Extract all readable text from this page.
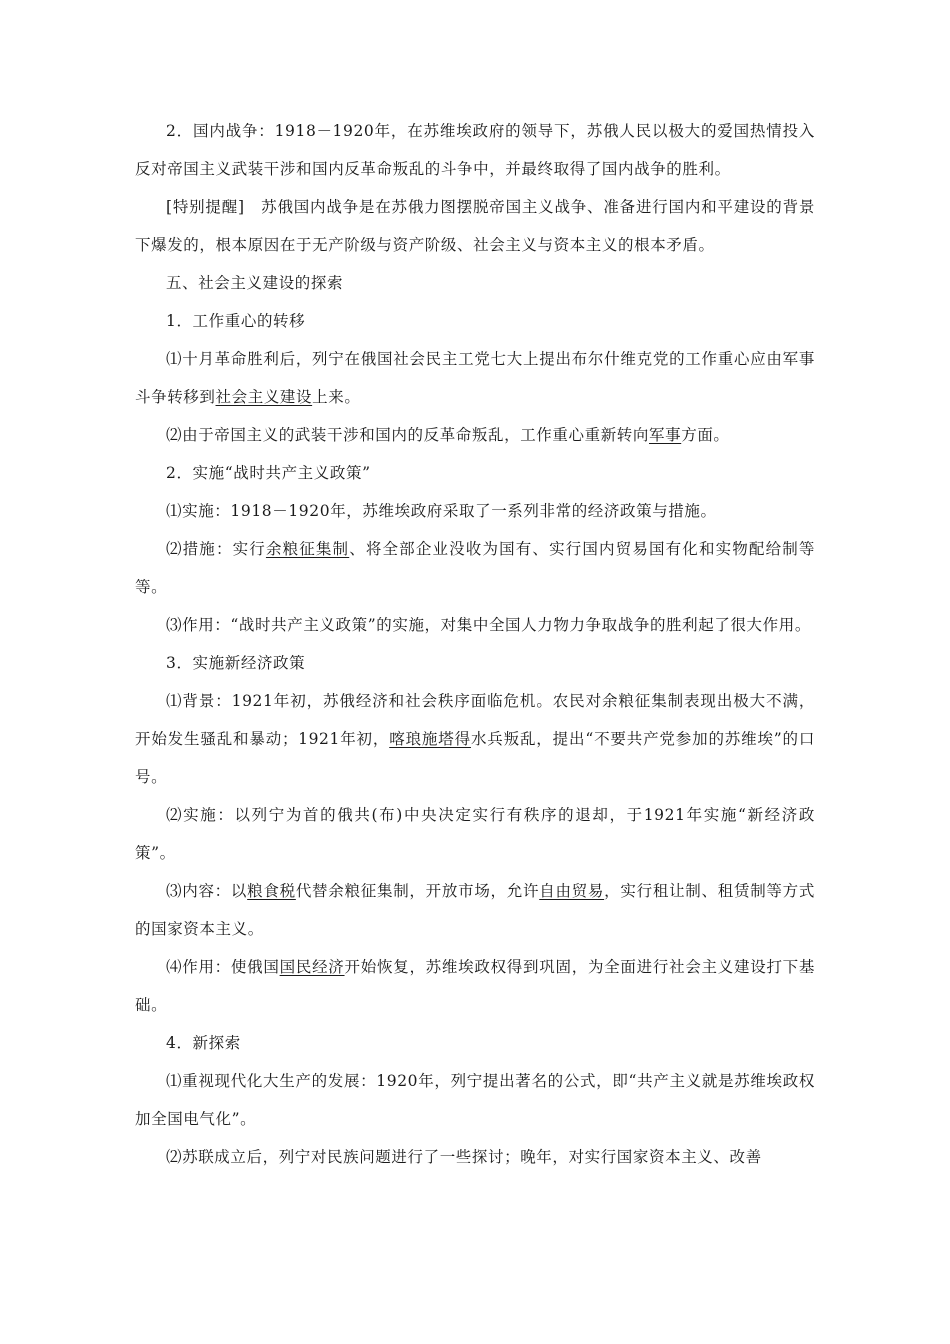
2．国内战争：1918－1920年，在苏维埃政府的领导下，苏俄人民以极大的爱国热情投入反对帝国主义武装干涉和国内反革命叛乱的斗争中，并最终取得了国内战争的胜利。

[特别提醒]　苏俄国内战争是在苏俄力图摆脱帝国主义战争、准备进行国内和平建设的背景下爆发的，根本原因在于无产阶级与资产阶级、社会主义与资本主义的根本矛盾。

五、社会主义建设的探索

1．工作重心的转移

⑴十月革命胜利后，列宁在俄国社会民主工党七大上提出布尔什维克党的工作重心应由军事斗争转移到社会主义建设上来。

⑵由于帝国主义的武装干涉和国内的反革命叛乱，工作重心重新转向军事方面。

2．实施“战时共产主义政策”

⑴实施：1918－1920年，苏维埃政府采取了一系列非常的经济政策与措施。

⑵措施：实行余粮征集制、将全部企业没收为国有、实行国内贸易国有化和实物配给制等等。

⑶作用：“战时共产主义政策”的实施，对集中全国人力物力争取战争的胜利起了很大作用。

3．实施新经济政策

⑴背景：1921年初，苏俄经济和社会秩序面临危机。农民对余粮征集制表现出极大不满，开始发生骚乱和暴动；1921年初，喀琅施塔得水兵叛乱，提出“不要共产党参加的苏维埃”的口号。

⑵实施：以列宁为首的俄共(布)中央决定实行有秩序的退却，于1921年实施“新经济政策”。

⑶内容：以粮食税代替余粮征集制，开放市场，允许自由贸易，实行租让制、租赁制等方式的国家资本主义。

⑷作用：使俄国国民经济开始恢复，苏维埃政权得到巩固，为全面进行社会主义建设打下基础。

4．新探索

⑴重视现代化大生产的发展：1920年，列宁提出著名的公式，即“共产主义就是苏维埃政权加全国电气化”。

⑵苏联成立后，列宁对民族问题进行了一些探讨；晚年，对实行国家资本主义、改善
